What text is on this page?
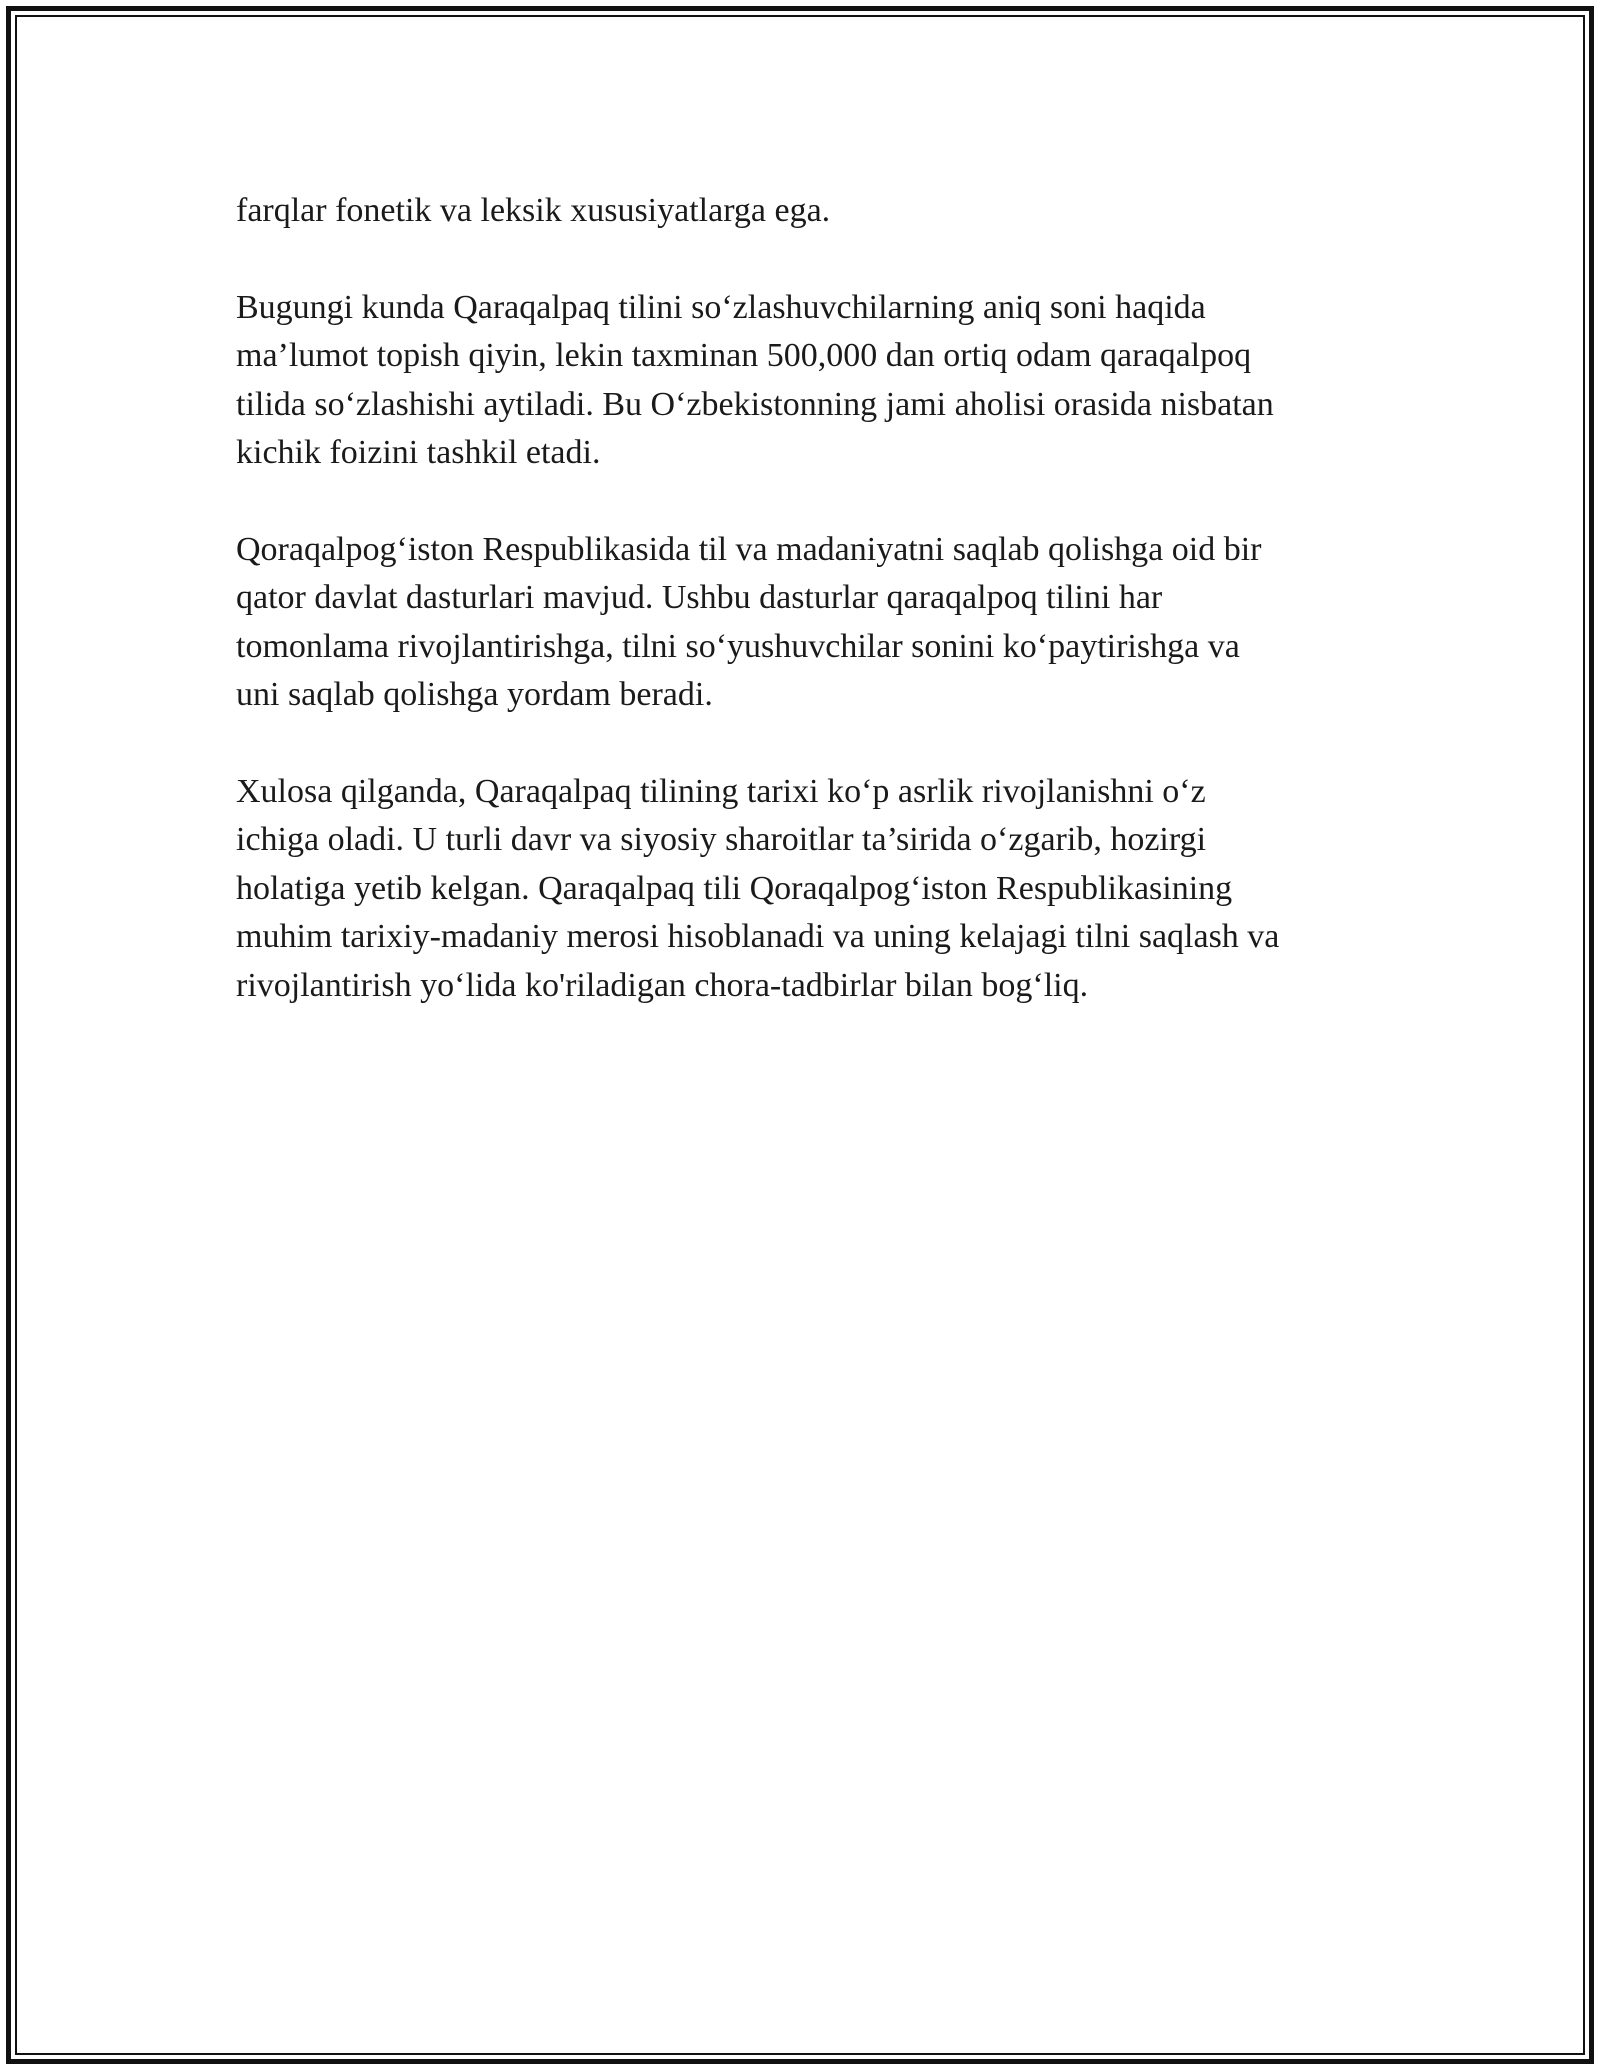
farqlar fonetik va leksik xususiyatlarga ega.

Bugungi kunda Qaraqalpaq tilini so‘zlashuvchilarning aniq soni haqida
ma’lumot topish qiyin, lekin taxminan 500,000 dan ortiq odam qaraqalpoq
tilida so‘zlashishi aytiladi. Bu O‘zbekistonning jami aholisi orasida nisbatan
kichik foizini tashkil etadi.

Qoraqalpog‘iston Respublikasida til va madaniyatni saqlab qolishga oid bir
qator davlat dasturlari mavjud. Ushbu dasturlar qaraqalpoq tilini har
tomonlama rivojlantirishga, tilni so‘yushuvchilar sonini ko‘paytirishga va
uni saqlab qolishga yordam beradi.

Xulosa qilganda, Qaraqalpaq tilining tarixi ko‘p asrlik rivojlanishni o‘z
ichiga oladi. U turli davr va siyosiy sharoitlar ta’sirida o‘zgarib, hozirgi
holatiga yetib kelgan. Qaraqalpaq tili Qoraqalpog‘iston Respublikasining
muhim tarixiy-madaniy merosi hisoblanadi va uning kelajagi tilni saqlash va
rivojlantirish yo‘lida ko'riladigan chora-tadbirlar bilan bog‘liq.
